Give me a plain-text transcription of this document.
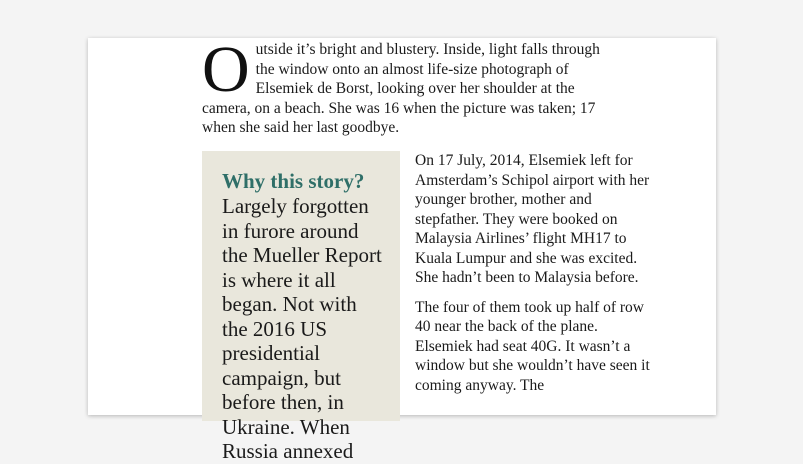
Outside it’s bright and blustery. Inside, light falls through the window onto an almost life-size photograph of Elsemiek de Borst, looking over her shoulder at the camera, on a beach. She was 16 when the picture was taken; 17 when she said her last goodbye.

Why this story?

Largely forgotten in furore around the Mueller Report is where it all began. Not with the 2016 US presidential campaign, but before then, in Ukraine. When Russia annexed

On 17 July, 2014, Elsemiek left for Amsterdam’s Schipol airport with her younger brother, mother and stepfather. They were booked on Malaysia Airlines’ flight MH17 to Kuala Lumpur and she was excited. She hadn’t been to Malaysia before.

The four of them took up half of row 40 near the back of the plane. Elsemiek had seat 40G. It wasn’t a window but she wouldn’t have seen it coming anyway. The
